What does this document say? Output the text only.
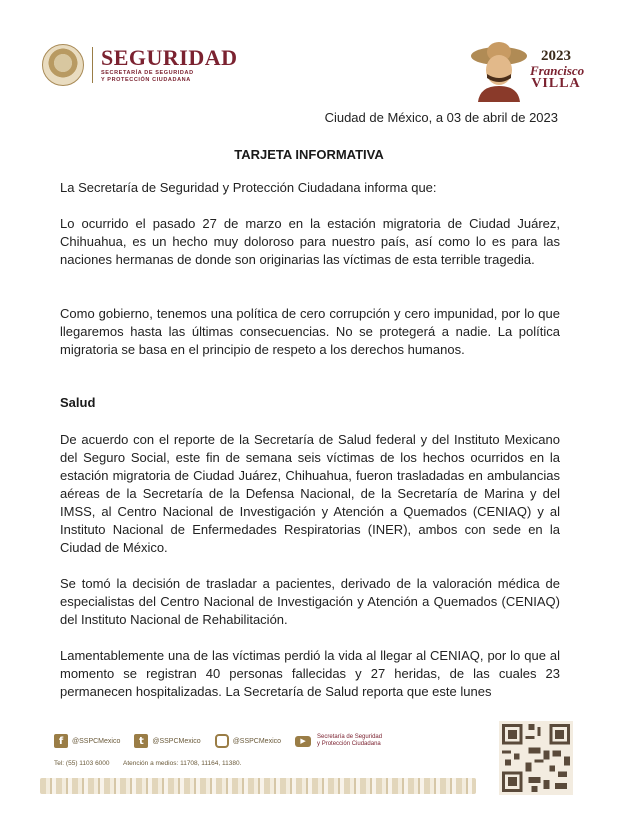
SEGURIDAD
SECRETARÍA DE SEGURIDAD
Y PROTECCIÓN CIUDADANA
2023
Francisco
VILLA
Ciudad de México, a 03 de abril de 2023
TARJETA INFORMATIVA
La Secretaría de Seguridad y Protección Ciudadana informa que:
Lo ocurrido el pasado 27 de marzo en la estación migratoria de Ciudad Juárez, Chihuahua, es un hecho muy doloroso para nuestro país, así como lo es para las naciones hermanas de donde son originarias las víctimas de esta terrible tragedia.
Como gobierno, tenemos una política de cero corrupción y cero impunidad, por lo que llegaremos hasta las últimas consecuencias. No se protegerá a nadie. La política migratoria se basa en el principio de respeto a los derechos humanos.
Salud
De acuerdo con el reporte de la Secretaría de Salud federal y del Instituto Mexicano del Seguro Social, este fin de semana seis víctimas de los hechos ocurridos en la estación migratoria de Ciudad Juárez, Chihuahua, fueron trasladadas en ambulancias aéreas de la Secretaría de la Defensa Nacional, de la Secretaría de Marina y del IMSS, al Centro Nacional de Investigación y Atención a Quemados (CENIAQ) y al Instituto Nacional de Enfermedades Respiratorias (INER), ambos con sede en la Ciudad de México.
Se tomó la decisión de trasladar a pacientes, derivado de la valoración médica de especialistas del Centro Nacional de Investigación y Atención a Quemados (CENIAQ) del Instituto Nacional de Rehabilitación.
Lamentablemente una de las víctimas perdió la vida al llegar al CENIAQ, por lo que al momento se registran 40 personas fallecidas y 27 heridas, de las cuales 23 permanecen hospitalizadas. La Secretaría de Salud reporta que este lunes
f	@SSPCMexico	t	@SSPCMexico	@SSPCMexico	▶	Secretaría de Seguridad
y Protección Ciudadana
Tel: (55) 1103 6000 Atención a medios: 11708, 11164, 11380.
